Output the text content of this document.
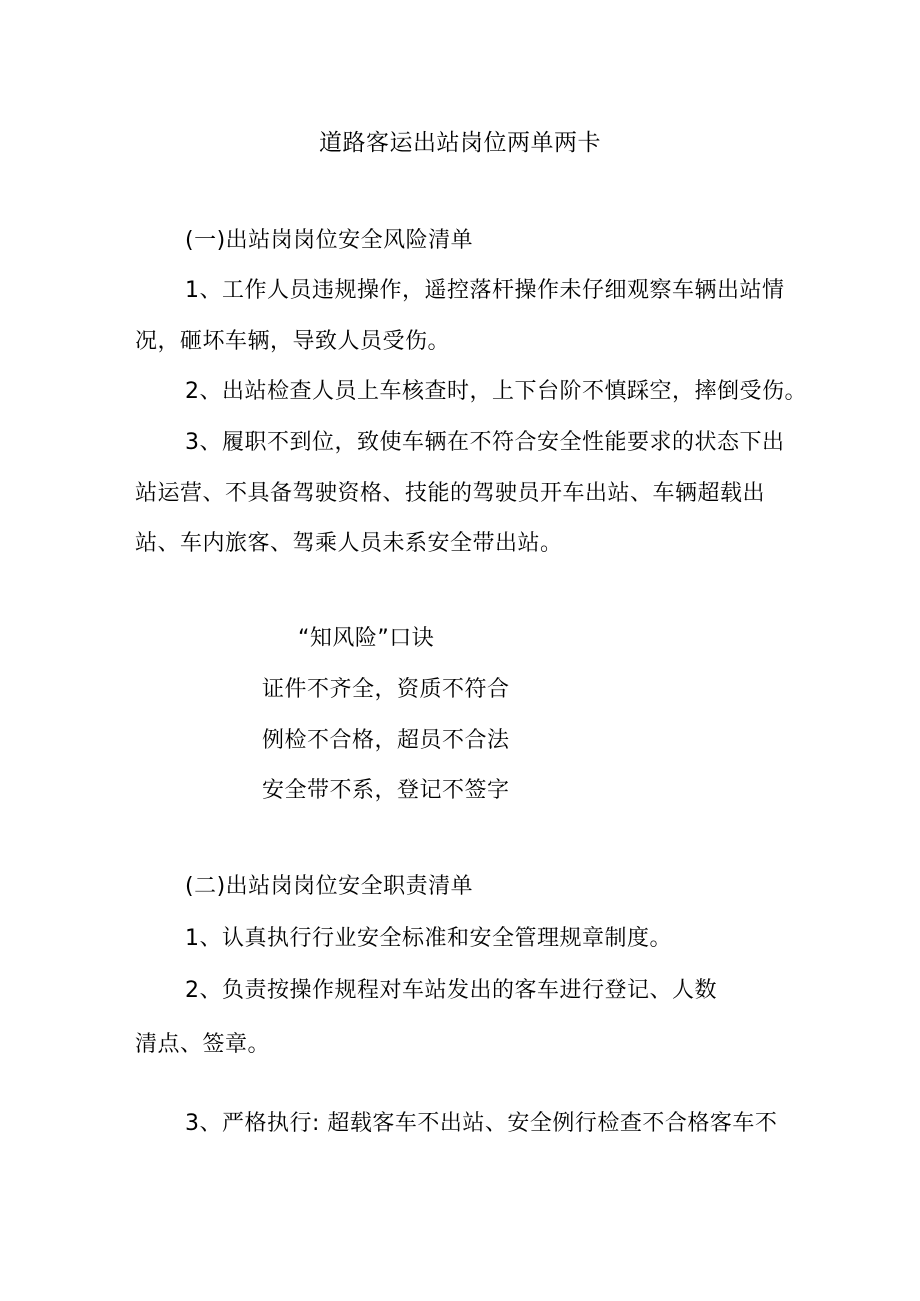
道路客运出站岗位两单两卡
(一)出站岗岗位安全风险清单
1、工作人员违规操作，遥控落杆操作未仔细观察车辆出站情
况，砸坏车辆，导致人员受伤。
2、出站检查人员上车核查时，上下台阶不慎踩空，摔倒受伤。
3、履职不到位，致使车辆在不符合安全性能要求的状态下出
站运营、不具备驾驶资格、技能的驾驶员开车出站、车辆超载出
站、车内旅客、驾乘人员未系安全带出站。
“知风险”口诀
证件不齐全，资质不符合
例检不合格，超员不合法
安全带不系，登记不签字
(二)出站岗岗位安全职责清单
1、认真执行行业安全标准和安全管理规章制度。
2、负责按操作规程对车站发出的客车进行登记、人数
清点、签章。
3、严格执行: 超载客车不出站、安全例行检查不合格客车不
